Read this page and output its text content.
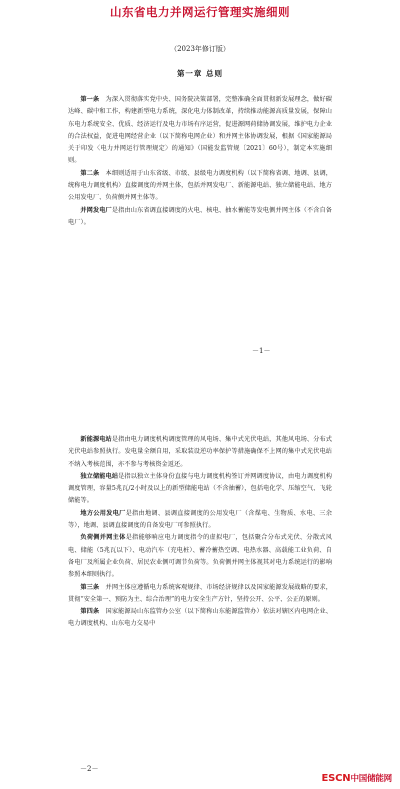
山东省电力并网运行管理实施细则
（2023年修订版）
第一章 总则

第一条　为深入贯彻落实党中央、国务院决策部署，完整准确全面贯彻新发展理念，做好碳达峰、碳中和工作，构建新型电力系统，深化电力体制改革，持续推动能源高质量发展，保障山东电力系统安全、优质、经济运行及电力市场有序运营，促进源网荷储协调发展，维护电力企业的合法权益，促进电网经营企业（以下简称电网企业）和并网主体协调发展，根据《国家能源局关于印发〈电力并网运行管理规定〉的通知》（国能发监管规〔2021〕60号），制定本实施细则。

第二条　本细则适用于山东省级、市级、县级电力调度机构（以下简称省调、地调、县调，统称电力调度机构）直接调度的并网主体，包括并网发电厂、新能源电站、独立储能电站、地方公用发电厂、负荷侧并网主体等。

并网发电厂是指由山东省调直接调度的火电、核电、抽水蓄能等发电侧并网主体（不含自备电厂）。

－1－

新能源电站是指由电力调度机构调度管理的风电场、集中式光伏电站，其他风电场、分布式光伏电站参照执行。发电量全额自用，采取装设逆功率保护等措施确保不上网的集中式光伏电站不纳入考核范围，亦不参与考核资金返还。

独立储能电站是指以独立主体身份直接与电力调度机构签订并网调度协议，由电力调度机构调度管理，容量5兆瓦/2小时及以上的新型储能电站（不含抽蓄），包括电化学、压缩空气、飞轮储能等。

地方公用发电厂是指由地调、县调直接调度的公用发电厂（含煤电、生物质、水电、三余等），地调、县调直接调度的自备发电厂可参照执行。

负荷侧并网主体是指能够响应电力调度指令的虚拟电厂，包括聚合分布式光伏、分散式风电、储能（5兆瓦以下）、电动汽车（充电桩）、蓄冷蓄热空调、电热水器、高载能工业负荷、自备电厂及所属企业负荷、居民农业侧可调节负荷等。负荷侧并网主体视其对电力系统运行的影响参照本细则执行。

第三条　并网主体应遵循电力系统客观规律、市场经济规律以及国家能源发展战略的要求，贯彻“安全第一、预防为主、综合治理”的电力安全生产方针，坚持公开、公平、公正的原则。

第四条　国家能源局山东监管办公室（以下简称山东能源监管办）依法对辖区内电网企业、电力调度机构、山东电力交易中

－2－
ESCN中国储能网
